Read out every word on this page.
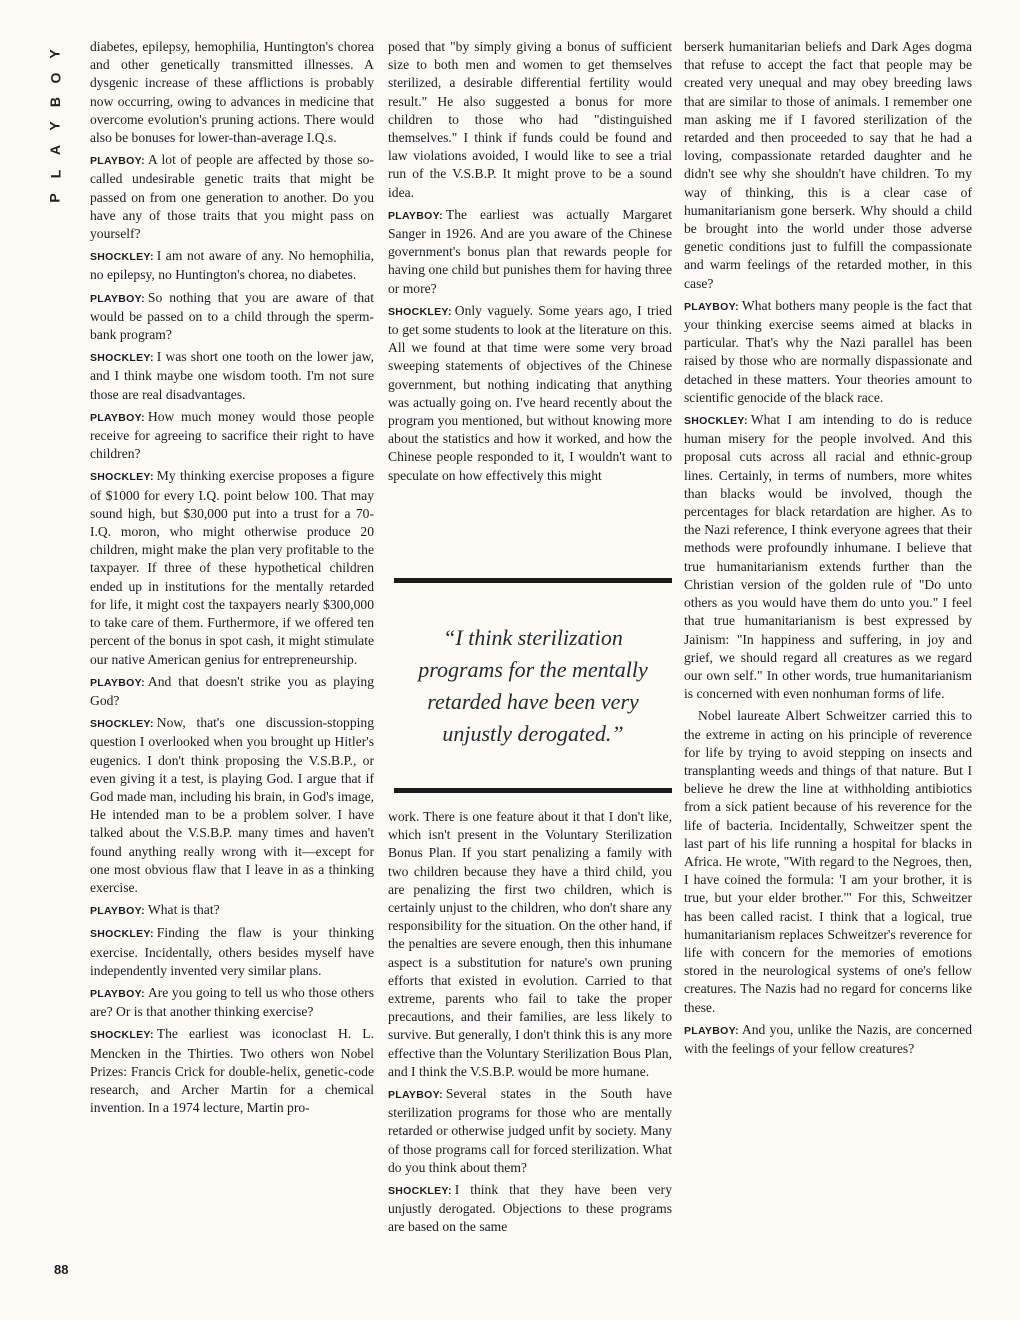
Y
O
B
Y
A
L
P
88

diabetes, epilepsy, hemophilia, Huntington's chorea and other genetically transmitted illnesses. A dysgenic increase of these afflictions is probably now occurring, owing to advances in medicine that overcome evolution's pruning actions. There would also be bonuses for lower-than-average I.Q.s.

PLAYBOY: A lot of people are affected by those so-called undesirable genetic traits that might be passed on from one generation to another. Do you have any of those traits that you might pass on yourself?

SHOCKLEY: I am not aware of any. No hemophilia, no epilepsy, no Huntington's chorea, no diabetes.

PLAYBOY: So nothing that you are aware of that would be passed on to a child through the sperm-bank program?

SHOCKLEY: I was short one tooth on the lower jaw, and I think maybe one wisdom tooth. I'm not sure those are real disadvantages.

PLAYBOY: How much money would those people receive for agreeing to sacrifice their right to have children?

SHOCKLEY: My thinking exercise proposes a figure of $1000 for every I.Q. point below 100. That may sound high, but $30,000 put into a trust for a 70-I.Q. moron, who might otherwise produce 20 children, might make the plan very profitable to the taxpayer. If three of these hypothetical children ended up in institutions for the mentally retarded for life, it might cost the taxpayers nearly $300,000 to take care of them. Furthermore, if we offered ten percent of the bonus in spot cash, it might stimulate our native American genius for entrepreneurship.

PLAYBOY: And that doesn't strike you as playing God?

SHOCKLEY: Now, that's one discussion-stopping question I overlooked when you brought up Hitler's eugenics. I don't think proposing the V.S.B.P., or even giving it a test, is playing God. I argue that if God made man, including his brain, in God's image, He intended man to be a problem solver. I have talked about the V.S.B.P. many times and haven't found anything really wrong with it—except for one most obvious flaw that I leave in as a thinking exercise.

PLAYBOY: What is that?

SHOCKLEY: Finding the flaw is your thinking exercise. Incidentally, others besides myself have independently invented very similar plans.

PLAYBOY: Are you going to tell us who those others are? Or is that another thinking exercise?

SHOCKLEY: The earliest was iconoclast H. L. Mencken in the Thirties. Two others won Nobel Prizes: Francis Crick for double-helix, genetic-code research, and Archer Martin for a chemical invention. In a 1974 lecture, Martin pro-

posed that "by simply giving a bonus of sufficient size to both men and women to get themselves sterilized, a desirable differential fertility would result." He also suggested a bonus for more children to those who had "distinguished themselves." I think if funds could be found and law violations avoided, I would like to see a trial run of the V.S.B.P. It might prove to be a sound idea.

PLAYBOY: The earliest was actually Margaret Sanger in 1926. And are you aware of the Chinese government's bonus plan that rewards people for having one child but punishes them for having three or more?

SHOCKLEY: Only vaguely. Some years ago, I tried to get some students to look at the literature on this. All we found at that time were some very broad sweeping statements of objectives of the Chinese government, but nothing indicating that anything was actually going on. I've heard recently about the program you mentioned, but without knowing more about the statistics and how it worked, and how the Chinese people responded to it, I wouldn't want to speculate on how effectively this might

“I think sterilization programs for the mentally retarded have been very unjustly derogated.”

work. There is one feature about it that I don't like, which isn't present in the Voluntary Sterilization Bonus Plan. If you start penalizing a family with two children because they have a third child, you are penalizing the first two children, which is certainly unjust to the children, who don't share any responsibility for the situation. On the other hand, if the penalties are severe enough, then this inhumane aspect is a substitution for nature's own pruning efforts that existed in evolution. Carried to that extreme, parents who fail to take the proper precautions, and their families, are less likely to survive. But generally, I don't think this is any more effective than the Voluntary Sterilization Bous Plan, and I think the V.S.B.P. would be more humane.

PLAYBOY: Several states in the South have sterilization programs for those who are mentally retarded or otherwise judged unfit by society. Many of those programs call for forced sterilization. What do you think about them?

SHOCKLEY: I think that they have been very unjustly derogated. Objections to these programs are based on the same

berserk humanitarian beliefs and Dark Ages dogma that refuse to accept the fact that people may be created very unequal and may obey breeding laws that are similar to those of animals. I remember one man asking me if I favored sterilization of the retarded and then proceeded to say that he had a loving, compassionate retarded daughter and he didn't see why she shouldn't have children. To my way of thinking, this is a clear case of humanitarianism gone berserk. Why should a child be brought into the world under those adverse genetic conditions just to fulfill the compassionate and warm feelings of the retarded mother, in this case?

PLAYBOY: What bothers many people is the fact that your thinking exercise seems aimed at blacks in particular. That's why the Nazi parallel has been raised by those who are normally dispassionate and detached in these matters. Your theories amount to scientific genocide of the black race.

SHOCKLEY: What I am intending to do is reduce human misery for the people involved. And this proposal cuts across all racial and ethnic-group lines. Certainly, in terms of numbers, more whites than blacks would be involved, though the percentages for black retardation are higher. As to the Nazi reference, I think everyone agrees that their methods were profoundly inhumane. I believe that true humanitarianism extends further than the Christian version of the golden rule of "Do unto others as you would have them do unto you." I feel that true humanitarianism is best expressed by Jainism: "In happiness and suffering, in joy and grief, we should regard all creatures as we regard our own self." In other words, true humanitarianism is concerned with even nonhuman forms of life.

Nobel laureate Albert Schweitzer carried this to the extreme in acting on his principle of reverence for life by trying to avoid stepping on insects and transplanting weeds and things of that nature. But I believe he drew the line at withholding antibiotics from a sick patient because of his reverence for the life of bacteria. Incidentally, Schweitzer spent the last part of his life running a hospital for blacks in Africa. He wrote, "With regard to the Negroes, then, I have coined the formula: 'I am your brother, it is true, but your elder brother.'" For this, Schweitzer has been called racist. I think that a logical, true humanitarianism replaces Schweitzer's reverence for life with concern for the memories of emotions stored in the neurological systems of one's fellow creatures. The Nazis had no regard for concerns like these.

PLAYBOY: And you, unlike the Nazis, are concerned with the feelings of your fellow creatures?
